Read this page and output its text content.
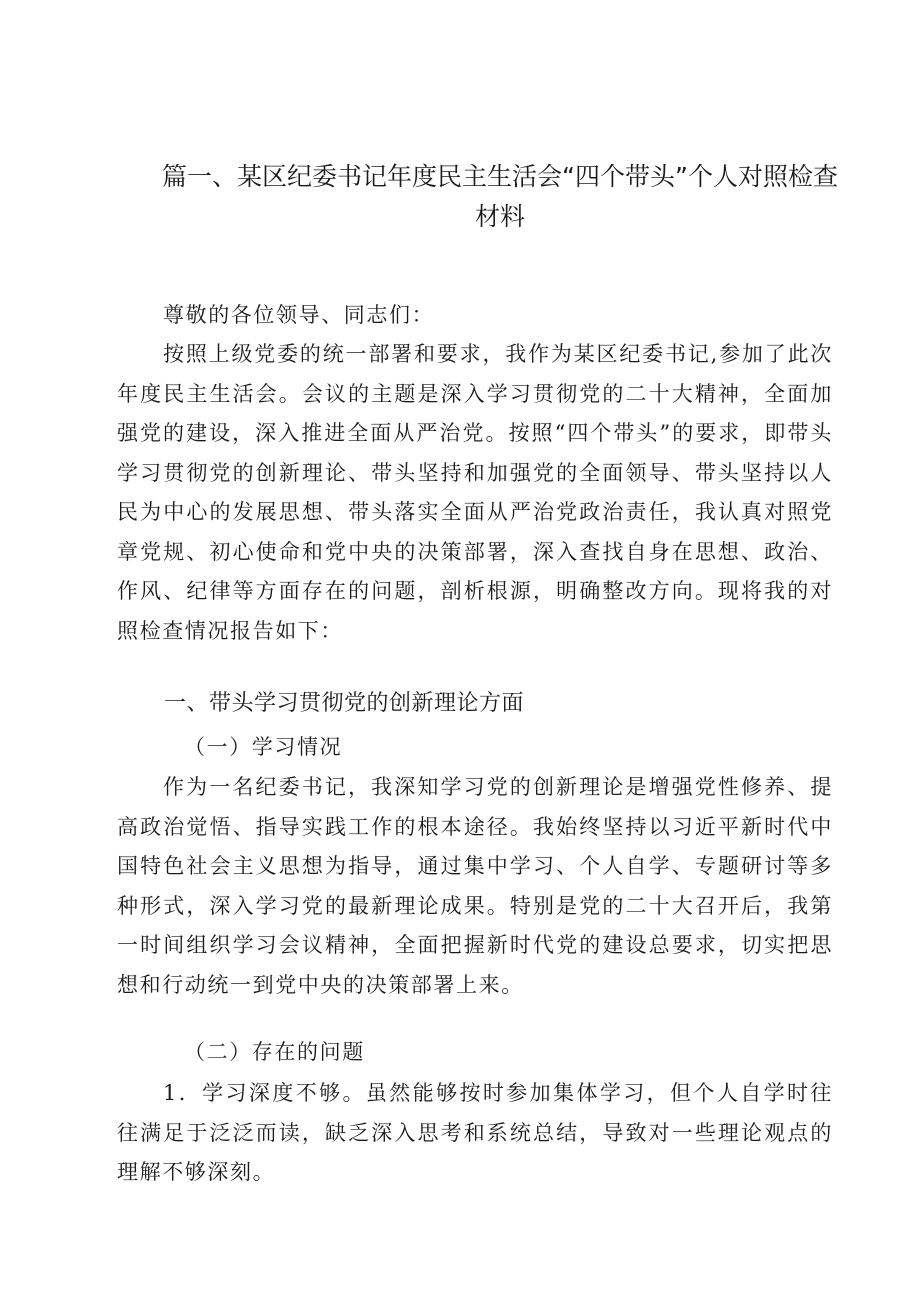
篇一、某区纪委书记年度民主生活会“四个带头”个人对照检查材料
尊敬的各位领导、同志们：
按照上级党委的统一部署和要求，我作为某区纪委书记,参加了此次年度民主生活会。会议的主题是深入学习贯彻党的二十大精神，全面加强党的建设，深入推进全面从严治党。按照“四个带头”的要求，即带头学习贯彻党的创新理论、带头坚持和加强党的全面领导、带头坚持以人民为中心的发展思想、带头落实全面从严治党政治责任，我认真对照党章党规、初心使命和党中央的决策部署，深入查找自身在思想、政治、作风、纪律等方面存在的问题，剖析根源，明确整改方向。现将我的对照检查情况报告如下：
一、带头学习贯彻党的创新理论方面
（一）学习情况
作为一名纪委书记，我深知学习党的创新理论是增强党性修养、提高政治觉悟、指导实践工作的根本途径。我始终坚持以习近平新时代中国特色社会主义思想为指导，通过集中学习、个人自学、专题研讨等多种形式，深入学习党的最新理论成果。特别是党的二十大召开后，我第一时间组织学习会议精神，全面把握新时代党的建设总要求，切实把思想和行动统一到党中央的决策部署上来。
（二）存在的问题
1．学习深度不够。虽然能够按时参加集体学习，但个人自学时往往满足于泛泛而读，缺乏深入思考和系统总结，导致对一些理论观点的理解不够深刻。
